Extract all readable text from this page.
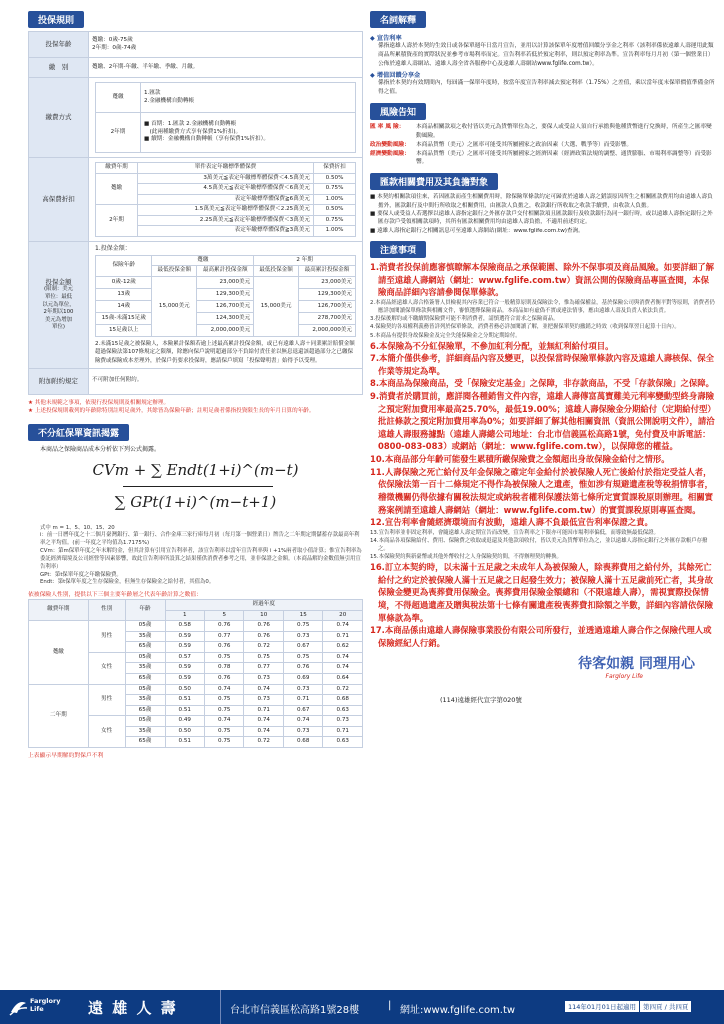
投保規則
投保年齡	
躉繳：0歲-75歲
2年期：0歲-74歲

繳　別	躉繳、2年期-年繳、半年繳、季繳、月繳。
繳費方式	
躉繳	
1.匯款
2.金融機構自動轉帳

2年期	
■ 首期：1.匯款 2.金融機構自動轉帳
　(此兩種繳費方式享有保費1%折扣)。
■ 續期：金融機構自動轉帳（享有保費1%折扣）。

高保費折扣	
繳費年期	單件表定年繳標準體保費	保費折扣
躉繳	3萬美元≦表定年繳標準體保費＜4.5萬美元	0.50%
4.5萬美元≦表定年繳標準體保費＜6萬美元	0.75%
表定年繳標準體保費≧6萬美元	1.00%
2年期	1.5萬美元≦表定年繳標準體保費＜2.25萬美元	0.50%
2.25萬美元≦表定年繳標準體保費＜3萬美元	0.75%
表定年繳標準體保費≧3萬美元	1.00%

投保金額
(限制：美元
單位：最低
以元為單位，
2年期以100
美元為增加
單位)

1.投保金額：
保險年齡	躉繳	2 年期
最低投保金額	最高累計投保金額	最低投保金額	最高累計投保金額
0歲-12歲	15,000美元	23,000美元	15,000美元	23,000美元
13歲	129,300美元	129,300美元
14歲	126,700美元	126,700美元
15歲-未滿15足歲	124,300美元	278,700美元
15足歲以上	2,000,000美元	2,000,000美元
2.未滿15足歲之被保險人，本險累計保額若逾上述最高累計投保金額，或已有遠雄人壽＋同業累計賠償金額超過保險法第107條規定之限額，除應向保戶說明超過部分不負給付責任並以無息退還該超過部分之已繳保險費或保險成本差理外，於保戶仍要求投保時，應請保戶填寫「投保聲明書」始得予以受理。

附加附約規定	不可附加任何附約。
★ 其他未規範之事項，依現行投保規則及相關規定辦理。
★ 上述投保規則載列的年齡除特別註明足歲外，其餘皆為保險年齡；註明足歲者係指投資限生長的年月日算的年齡。
不分紅保單資訊揭露
本商品之保險商品成本分析依下列公式揭露。
CVm + ∑ Endt(1+i)^(m−t)
∑ GPt(1+i)^(m−t+1)
式中 m = 1、5、10、15、20
i：前一日曆年度之十二個月臺灣銀行、第一銀行、合作金庫三家行庫每月初（每月第一個營業日）牌告之二年期定期儲蓄存款最高年利率之平均值。(前一年度之平均值為1.7175%)
CVm：第m保單年度之年末解約金，但其計算有引用宣告利率者，該宣告利率以當年宣告利率與 i +1%兩者取小值計算；惟宣告利率為委託經濟環境及公司經營等因素影響，故此宣告利率所設算之結果僅供消費者參考之用，並非保證之金額。（本商品解約金數值無引用宣告利率）
GPt：第t保單年度之年繳保險費。
Endt：第t保單年度之生存保險金，但無生存保險金之給付者，其值為0。
依被保險人性別，提供以下三個主要年齡層之代表年齡計算之數值：
繳費年期	性別	年齡	經過年度				
			1	5	10	15	20
躉繳	男性	05歲	0.58	0.76	0.76	0.75	0.74
		35歲	0.59	0.77	0.76	0.73	0.71
		65歲	0.59	0.76	0.72	0.67	0.62
	女性	05歲	0.57	0.75	0.75	0.75	0.74
		35歲	0.59	0.78	0.77	0.76	0.74
		65歲	0.59	0.76	0.73	0.69	0.64
二年期	男性	05歲	0.50	0.74	0.74	0.73	0.72
		35歲	0.51	0.75	0.73	0.71	0.68
		65歲	0.51	0.75	0.71	0.67	0.63
	女性	05歲	0.49	0.74	0.74	0.74	0.73
		35歲	0.50	0.75	0.74	0.73	0.71
		65歲	0.51	0.75	0.72	0.68	0.63
上表顯示早期解約對保戶不利
名詞解釋
◆ 宣告利率
係指遠雄人壽於本契約生效日或各保單週年日當月宣告，並用以計算該保單年度增值回饋分享金之利率（該利率係依遠雄人壽運用此類商品所累積資產的實際狀況並參考市場利率而定。宣告利率若低於預定利率，則以預定利率為準。宣告利率每月月初（第一個營業日）公佈於遠雄人壽網站、遠雄人壽全省各服務中心及遠雄人壽網站www.fglife.com.tw）。
◆ 增值回饋分享金
係指於本契約有效期間內，每屆滿一保單年度時，按當年度宣告利率減去預定利率（1.75%）之差值，乘以當年度末保單價值準備金所得之值。
風險告知
匯 率 風 險：	本商品相關款項之收付皆以美元為貨幣單位為之，要保人或受益人須自行承擔與他種貨幣進行兌換時，所產生之匯率變動風險。
政治變動風險：	本商品貨幣（美元）之匯率可能受其所屬國家之政治因素（大選、戰爭等）而受影響。
經濟變動風險：	本商品貨幣（美元）之匯率可能受其所屬國家之經濟因素（經濟政策法規的調整、通貨膨脹、市場利率調整等）而受影響。
匯款相關費用及其負擔對象
■ 本契約相關款項往來，若因匯款而產生相關費用時，除保險單條款約定可歸責於遠雄人壽之錯誤原因所生之相關匯款費用均由遠雄人壽負擔外，匯款銀行及中間行所收取之相關費用，由匯款人負擔之，收款銀行所收取之收款手續費，由收款人負擔。
■ 要保人或受益人若選擇以遠雄人壽指定銀行之外匯存款戶交付相關款項且匯款銀行及收款銀行為同一銀行時，或以遠雄人壽指定銀行之外匯存款戶受領相關款項時，其所有匯款相關費用均由遠雄人壽負擔，不適用前述約定。
■ 遠雄人壽指定銀行之相關訊息可至遠雄人壽網站(網址：www.fglife.com.tw)查詢。
注意事項
1.消費者投保前應審慎瞭解本保險商品之承保範圍、除外不保事項及商品風險。如要詳細了解請至遠雄人壽網站（網址：www.fglife.com.tw）資訊公開的保險商品專區查閱，本保險商品詳細內容請參閱保單條款。
2.本商品經遠雄人壽合格簽署人員檢視其內容業已符合一般精算原則及保險法令，惟為確保權益，基於保險公司與消費者衡平對等原則，消費者仍應詳加閱讀保單條款與相關文件，審慎選擇保險商品。本商品如有虛偽不實或違法情事，應由遠雄人壽及負責人依法負責。
3.投保後解約或不繳續期保險費可能不利消費者，請慎選符合需求之保險商品。
4.保險契約各項權利義務皆詳列於保單條款，消費者務必詳加閱讀了解，並把握保單契約撤銷之時效（收到保單翌日起算十日內）。
5.本商品有提供身故保險金及完全失能保險金之分期定期給付。
6.本保險為不分紅保險單，不參加紅利分配，並無紅利給付項目。
7.本簡介僅供參考，詳細商品內容及變更，以投保當時保險單條款內容及遠雄人壽核保、保全作業等規定為準。
8.本商品為保險商品，受「保險安定基金」之保障，非存款商品，不受「存款保險」之保障。
9.消費者於購買前，應詳閱各種銷售文件內容，遠雄人壽傳富萬寶難美元利率變動型終身壽險之預定附加費用率最高25.70%，最低19.00%；遠雄人壽保險金分期給付（定期給付型）批註條款之預定附加費用率為0%；如要詳細了解其他相關資訊（資訊公開說明文件），請洽遠雄人壽服務據點（遠雄人壽總公司地址：台北市信義區松高路1號，免付費及申訴電話：0800-083-083）或網站（網址：www.fglife.com.tw），以保障您的權益。
10.本商品部分年齡可能發生累積所繳保險費之金額超出身故保險金給付之情形。
11.人壽保險之死亡給付及年金保險之確定年金給付於被保險人死亡後給付於指定受益人者，依保險法第一百十二條規定不得作為被保險人之遺產，惟如涉有規避遺產稅等稅捐情事者，稽徵機關仍得依據有關稅法規定或納稅者權利保護法第七條所定實質課稅原則辦理。相關實務案例請至遠雄人壽網站（網址：www.fglife.com.tw）的實質課稅原則專區查閱。
12.宣告利率會隨經濟環境而有波動，遠雄人壽不負最低宣告利率保證之責。
13.宣告利率並非固定利率，會隨遠雄人壽定期宣告而改變，宣告利率之下限亦可能因市場利率偏低，而導致無最低保證。
14.本商品各項保險給付、費用、保險費之收取或退還及其他款項收付，皆以美元為貨幣單位為之，並以遠雄人壽指定銀行之外匯存款帳戶存撥之。
15.本保險契約與新臺幣或其他外幣收付之人身保險契約間，不得辦理契約轉換。
16.訂立本契約時，以未滿十五足歲之未成年人為被保險人，除喪葬費用之給付外，其餘死亡給付之約定於被保險人滿十五足歲之日起發生效力；被保險人滿十五足歲前死亡者，其身故保險金變更為喪葬費用保險金。喪葬費用保險金額總和（不限遠雄人壽），需視實際投保情境，不得超過遺產及贈與稅法第十七條有關遺產稅喪葬費扣除額之半數，詳細內容請依保險單條款為準。
17.本商品係由遠雄人壽保險事業股份有限公司所發行，並透過遠雄人壽合作之保險代理人或保險經紀人行銷。
待客如親 同理用心
Farglory Life
(114)遠雄經代宣字第020號
Farglory
Life	遠 雄 人 壽	台北市信義區松高路1號28樓	| 網址:www.fglife.com.tw	114年01月01日起適用	第四頁 / 共四頁
